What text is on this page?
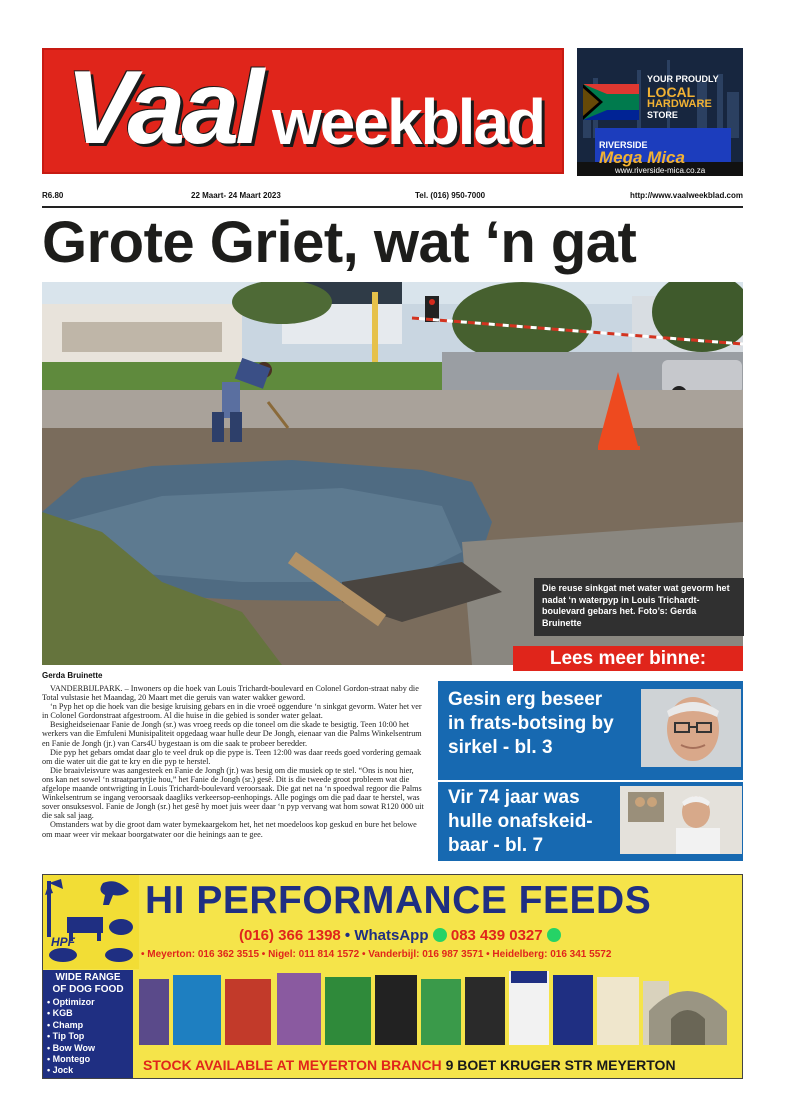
Vaal weekblad
YOUR PROUDLY
LOCAL
HARDWARE
STORE
RIVERSIDE
Mega Mica
www.riverside-mica.co.za
R6.80	22 Maart- 24 Maart 2023	Tel. (016) 950-7000	http://www.vaalweekblad.com
Grote Griet, wat ‘n gat
Die reuse sinkgat met water wat gevorm het nadat ‘n waterpyp in Louis Trichardt-boulevard gebars het. Foto’s: Gerda Bruinette
Lees meer binne:
Gerda Bruinette

VANDERBIJLPARK. – Inwoners op die hoek van Louis Trichardt-boulevard en Colonel Gordon-straat naby die Total vulstasie het Maandag, 20 Maart met die geruis van water wakker geword.

‘n Pyp het op die hoek van die besige kruising gebars en in die vroeë oggendure ‘n sinkgat gevorm. Water het ver in Colonel Gordonstraat afgestroom. Al die huise in die gebied is sonder water gelaat.

Besigheidseienaar Fanie de Jongh (sr.) was vroeg reeds op die toneel om die skade te besigtig. Teen 10:00 het werkers van die Emfuleni Munisipaliteit opgedaag waar hulle deur De Jongh, eienaar van die Palms Winkelsentrum en Fanie de Jongh (jr.) van Cars4U bygestaan is om die saak te probeer beredder.

Die pyp het gebars omdat daar glo te veel druk op die pype is. Teen 12:00 was daar reeds goed vordering gemaak om die water uit die gat te kry en die pyp te herstel.

Die braaivleisvure was aangesteek en Fanie de Jongh (jr.) was besig om die musiek op te stel. “Ons is nou hier, ons kan net sowel ‘n straatpartytjie hou,” het Fanie de Jongh (sr.) gesê. Dit is die tweede groot probleem wat die afgelope maande ontwrigting in Louis Trichardt-boulevard veroorsaak. Die gat net na ‘n spoedwal regoor die Palms Winkelsentrum se ingang veroorsaak daagliks verkeersop-eenhopings. Alle pogings om die pad daar te herstel, was sover onsuksesvol. Fanie de Jongh (sr.) het gesê hy moet juis weer daar ‘n pyp vervang wat hom sowat R120 000 uit die sak sal jaag.

Omstanders wat by die groot dam water bymekaargekom het, het net moedeloos kop geskud en bure het belowe om maar weer vir mekaar boorgatwater oor die heinings aan te gee.

Gesin erg beseer
in frats-botsing by
sirkel - bl. 3
Vir 74 jaar was
hulle onafskeid-
baar - bl. 7
HPF
HI PERFORMANCE FEEDS
(016) 366 1398 • WhatsApp 083 439 0327
• Meyerton: 016 362 3515 • Nigel: 011 814 1572 • Vanderbijl: 016 987 3571 • Heidelberg: 016 341 5572
WIDE RANGE
OF DOG FOOD
• Optimizor
• KGB
• Champ
• Tip Top
• Bow Wow
• Montego
• Jock	STOCK AVAILABLE AT MEYERTON BRANCH 9 BOET KRUGER STR MEYERTON
